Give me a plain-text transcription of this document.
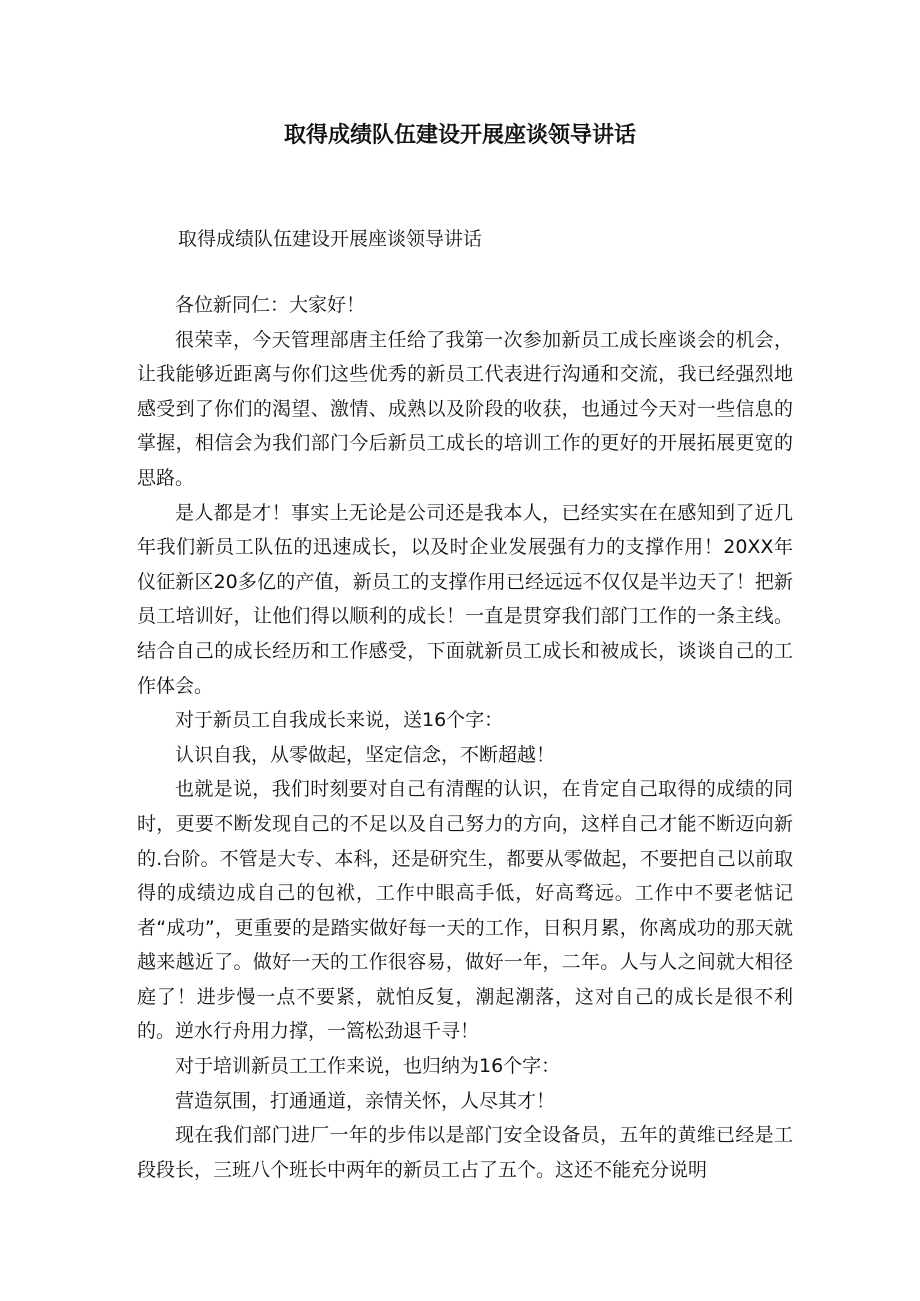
取得成绩队伍建设开展座谈领导讲话
取得成绩队伍建设开展座谈领导讲话

各位新同仁：大家好！

很荣幸，今天管理部唐主任给了我第一次参加新员工成长座谈会的机会，让我能够近距离与你们这些优秀的新员工代表进行沟通和交流，我已经强烈地感受到了你们的渴望、激情、成熟以及阶段的收获，也通过今天对一些信息的掌握，相信会为我们部门今后新员工成长的培训工作的更好的开展拓展更宽的思路。

是人都是才！事实上无论是公司还是我本人，已经实实在在感知到了近几年我们新员工队伍的迅速成长，以及时企业发展强有力的支撑作用！20XX年仪征新区20多亿的产值，新员工的支撑作用已经远远不仅仅是半边天了！把新员工培训好，让他们得以顺利的成长！一直是贯穿我们部门工作的一条主线。结合自己的成长经历和工作感受，下面就新员工成长和被成长，谈谈自己的工作体会。

对于新员工自我成长来说，送16个字：

认识自我，从零做起，坚定信念，不断超越！

也就是说，我们时刻要对自己有清醒的认识，在肯定自己取得的成绩的同时，更要不断发现自己的不足以及自己努力的方向，这样自己才能不断迈向新的.台阶。不管是大专、本科，还是研究生，都要从零做起，不要把自己以前取得的成绩边成自己的包袱，工作中眼高手低，好高骛远。工作中不要老惦记者“成功”，更重要的是踏实做好每一天的工作，日积月累，你离成功的那天就越来越近了。做好一天的工作很容易，做好一年，二年。人与人之间就大相径庭了！进步慢一点不要紧，就怕反复，潮起潮落，这对自己的成长是很不利的。逆水行舟用力撑，一篙松劲退千寻！

对于培训新员工工作来说，也归纳为16个字：

营造氛围，打通通道，亲情关怀，人尽其才！

现在我们部门进厂一年的步伟以是部门安全设备员，五年的黄维已经是工段段长，三班八个班长中两年的新员工占了五个。这还不能充分说明
